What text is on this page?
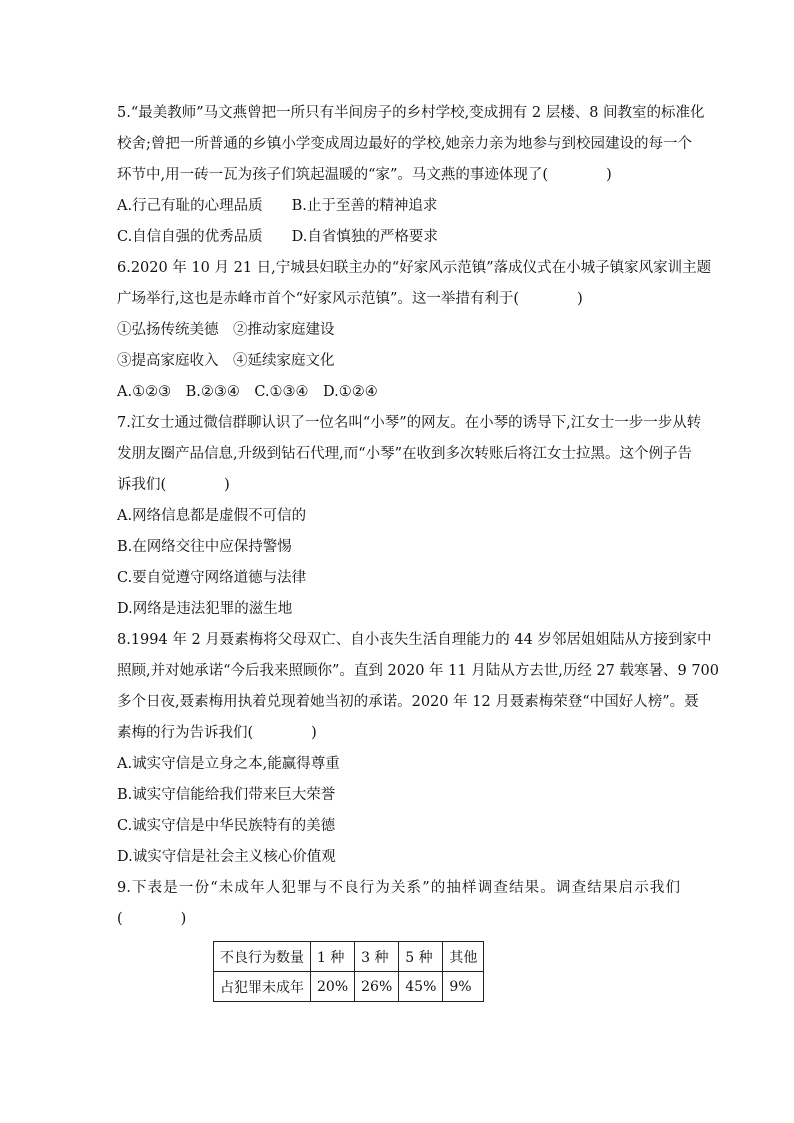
5.“最美教师”马文燕曾把一所只有半间房子的乡村学校,变成拥有 2 层楼、8 间教室的标准化
校舍;曾把一所普通的乡镇小学变成周边最好的学校,她亲力亲为地参与到校园建设的每一个
环节中,用一砖一瓦为孩子们筑起温暖的“家”。马文燕的事迹体现了(　　　　)
A.行己有耻的心理品质　　B.止于至善的精神追求
C.自信自强的优秀品质　　D.自省慎独的严格要求
6.2020 年 10 月 21 日,宁城县妇联主办的“好家风示范镇”落成仪式在小城子镇家风家训主题
广场举行,这也是赤峰市首个“好家风示范镇”。这一举措有利于(　　　　)
①弘扬传统美德　②推动家庭建设
③提高家庭收入　④延续家庭文化
A.①②③　B.②③④　C.①③④　D.①②④
7.江女士通过微信群聊认识了一位名叫“小琴”的网友。在小琴的诱导下,江女士一步一步从转
发朋友圈产品信息,升级到钻石代理,而“小琴”在收到多次转账后将江女士拉黑。这个例子告
诉我们(　　　　)
A.网络信息都是虚假不可信的
B.在网络交往中应保持警惕
C.要自觉遵守网络道德与法律
D.网络是违法犯罪的滋生地
8.1994 年 2 月聂素梅将父母双亡、自小丧失生活自理能力的 44 岁邻居姐姐陆从方接到家中
照顾,并对她承诺“今后我来照顾你”。直到 2020 年 11 月陆从方去世,历经 27 载寒暑、9 700
多个日夜,聂素梅用执着兑现着她当初的承诺。2020 年 12 月聂素梅荣登“中国好人榜”。聂
素梅的行为告诉我们(　　　　)
A.诚实守信是立身之本,能赢得尊重
B.诚实守信能给我们带来巨大荣誉
C.诚实守信是中华民族特有的美德
D.诚实守信是社会主义核心价值观
9.下表是一份“未成年人犯罪与不良行为关系”的抽样调查结果。调查结果启示我们
(　　　　)
不良行为数量	1 种	3 种	5 种	其他
占犯罪未成年	20%	26%	45%	9%
